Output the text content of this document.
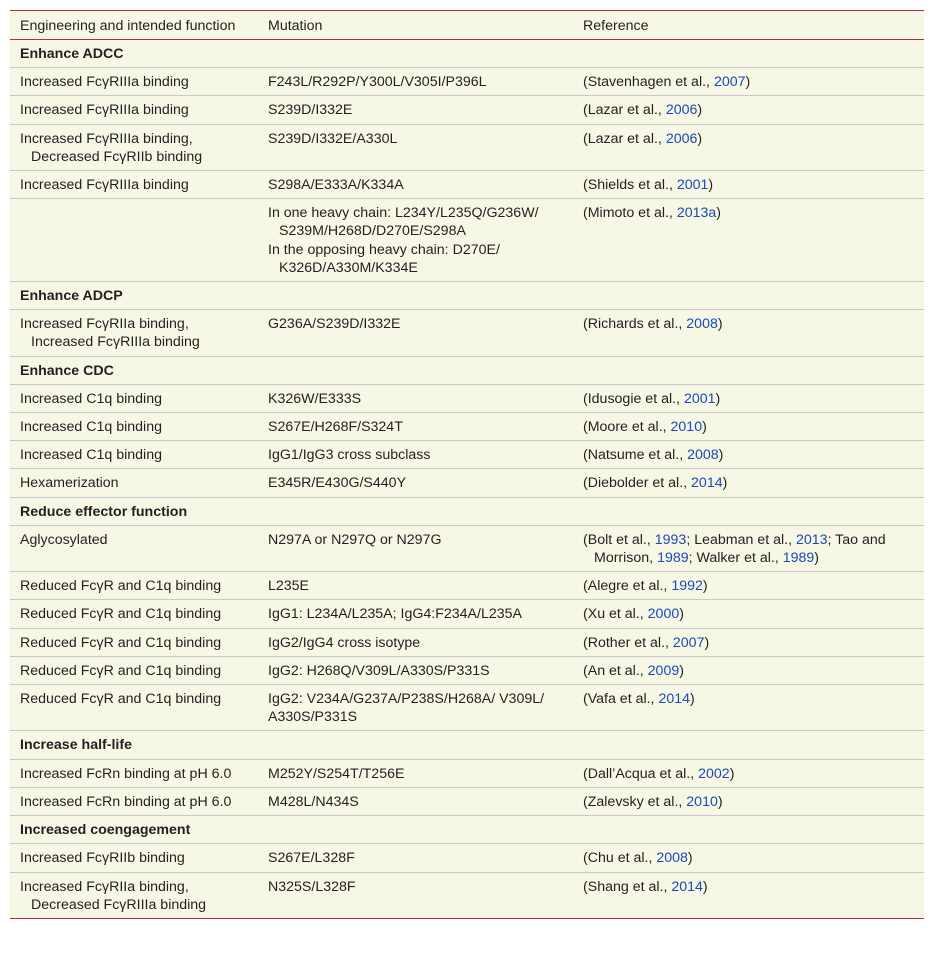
Engineering and intended function	Mutation	Reference
Enhance ADCC		

Increased FcγRIIIa binding	F243L/R292P/Y300L/V305I/P396L	(Stavenhagen et al., 2007)

Increased FcγRIIIa binding	S239D/I332E	(Lazar et al., 2006)

Increased FcγRIIIa binding, Decreased FcγRIIb binding	S239D/I332E/A330L	(Lazar et al., 2006)

Increased FcγRIIIa binding	S298A/E333A/K334A	(Shields et al., 2001)

	In one heavy chain: L234Y/L235Q/G236W/ S239M/H268D/D270E/S298A
In the opposing heavy chain: D270E/ K326D/A330M/K334E	(Mimoto et al., 2013a)

Enhance ADCP		

Increased FcγRIIa binding, Increased FcγRIIIa binding	G236A/S239D/I332E	(Richards et al., 2008)

Enhance CDC		

Increased C1q binding	K326W/E333S	(Idusogie et al., 2001)

Increased C1q binding	S267E/H268F/S324T	(Moore et al., 2010)

Increased C1q binding	IgG1/IgG3 cross subclass	(Natsume et al., 2008)

Hexamerization	E345R/E430G/S440Y	(Diebolder et al., 2014)

Reduce effector function		

Aglycosylated	N297A or N297Q or N297G	(Bolt et al., 1993; Leabman et al., 2013; Tao and Morrison, 1989; Walker et al., 1989)

Reduced FcγR and C1q binding	L235E	(Alegre et al., 1992)

Reduced FcγR and C1q binding	IgG1: L234A/L235A; IgG4:F234A/L235A	(Xu et al., 2000)

Reduced FcγR and C1q binding	IgG2/IgG4 cross isotype	(Rother et al., 2007)

Reduced FcγR and C1q binding	IgG2: H268Q/V309L/A330S/P331S	(An et al., 2009)

Reduced FcγR and C1q binding	IgG2: V234A/G237A/P238S/H268A/ V309L/
A330S/P331S	(Vafa et al., 2014)

Increase half-life		

Increased FcRn binding at pH 6.0	M252Y/S254T/T256E	(Dall’Acqua et al., 2002)

Increased FcRn binding at pH 6.0	M428L/N434S	(Zalevsky et al., 2010)

Increased coengagement		

Increased FcγRIIb binding	S267E/L328F	(Chu et al., 2008)

Increased FcγRIIa binding, Decreased FcγRIIIa binding	N325S/L328F	(Shang et al., 2014)
